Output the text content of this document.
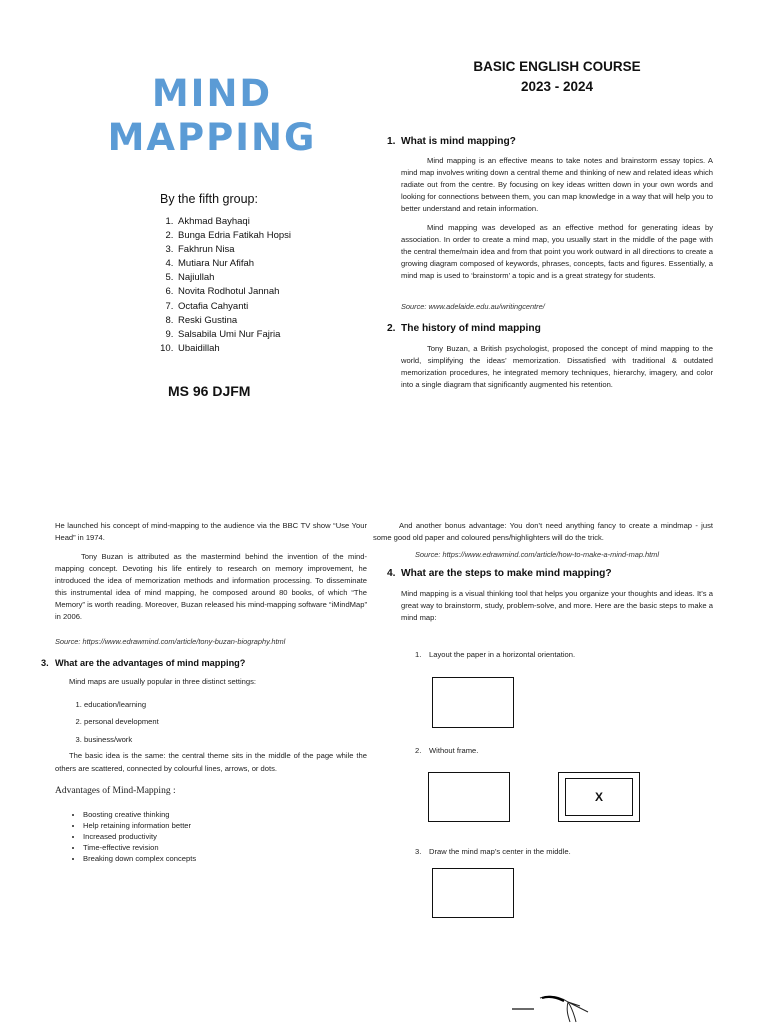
MIND
MAPPING
By the fifth group:
1. Akhmad Bayhaqi
2. Bunga Edria Fatikah Hopsi
3. Fakhrun Nisa
4. Mutiara Nur Afifah
5. Najiullah
6. Novita Rodhotul Jannah
7. Octafia Cahyanti
8. Reski Gustina
9. Salsabila Umi Nur Fajria
10. Ubaidillah
MS 96 DJFM
BASIC ENGLISH COURSE
2023 - 2024
1. What is mind mapping?

Mind mapping is an effective means to take notes and brainstorm essay topics. A mind map involves writing down a central theme and thinking of new and related ideas which radiate out from the centre. By focusing on key ideas written down in your own words and looking for connections between them, you can map knowledge in a way that will help you to better understand and retain information.

Mind mapping was developed as an effective method for generating ideas by association. In order to create a mind map, you usually start in the middle of the page with the central theme/main idea and from that point you work outward in all directions to create a growing diagram composed of keywords, phrases, concepts, facts and figures. Essentially, a mind map is used to ‘brainstorm’ a topic and is a great strategy for students.

Source: www.adelaide.edu.au/writingcentre/
2. The history of mind mapping

Tony Buzan, a British psychologist, proposed the concept of mind mapping to the world, simplifying the ideas’ memorization. Dissatisfied with traditional & outdated memorization procedures, he integrated memory techniques, hierarchy, imagery, and color into a single diagram that significantly augmented his retention.

He launched his concept of mind-mapping to the audience via the BBC TV show “Use Your Head” in 1974.

Tony Buzan is attributed as the mastermind behind the invention of the mind-mapping concept. Devoting his life entirely to research on memory improvement, he introduced the idea of memorization methods and information processing. To disseminate this instrumental idea of mind mapping, he composed around 80 books, of which “The Memory” is worth reading. Moreover, Buzan released his mind-mapping software “iMindMap” in 2006.

Source: https://www.edrawmind.com/article/tony-buzan-biography.html
3. What are the advantages of mind mapping?
Mind maps are usually popular in three distinct settings:
1. education/learning
2. personal development
3. business/work

The basic idea is the same: the central theme sits in the middle of the page while the others are scattered, connected by colourful lines, arrows, or dots.

Advantages of Mind-Mapping :
• Boosting creative thinking
• Help retaining information better
• Increased productivity
• Time-effective revision
• Breaking down complex concepts

And another bonus advantage: You don’t need anything fancy to create a mindmap - just some good old paper and coloured pens/highlighters will do the trick.

Source: https://www.edrawmind.com/article/how-to-make-a-mind-map.html
4. What are the steps to make mind mapping?

Mind mapping is a visual thinking tool that helps you organize your thoughts and ideas. It’s a great way to brainstorm, study, problem-solve, and more. Here are the basic steps to make a mind map:

1. Layout the paper in a horizontal orientation.
2. Without frame.
X
3. Draw the mind map’s center in the middle.
